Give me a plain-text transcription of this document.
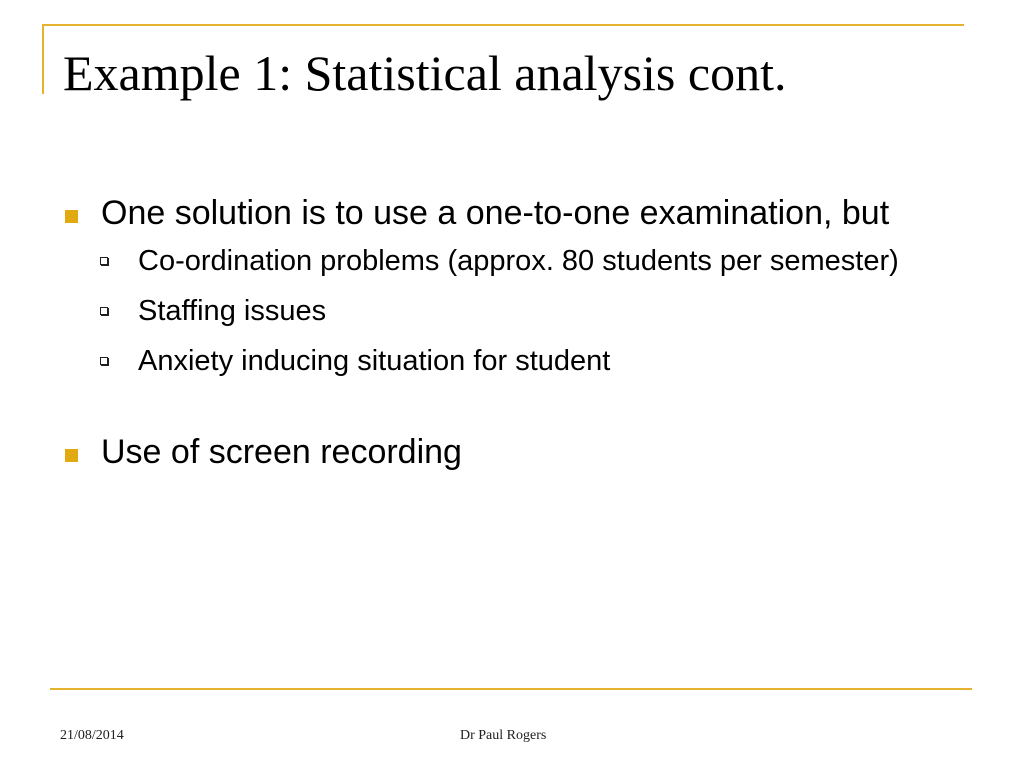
Example 1: Statistical analysis cont.
One solution is to use a one-to-one examination, but
Co-ordination problems (approx. 80 students per semester)
Staffing issues
Anxiety inducing situation for student
Use of screen recording
21/08/2014	Dr Paul Rogers
